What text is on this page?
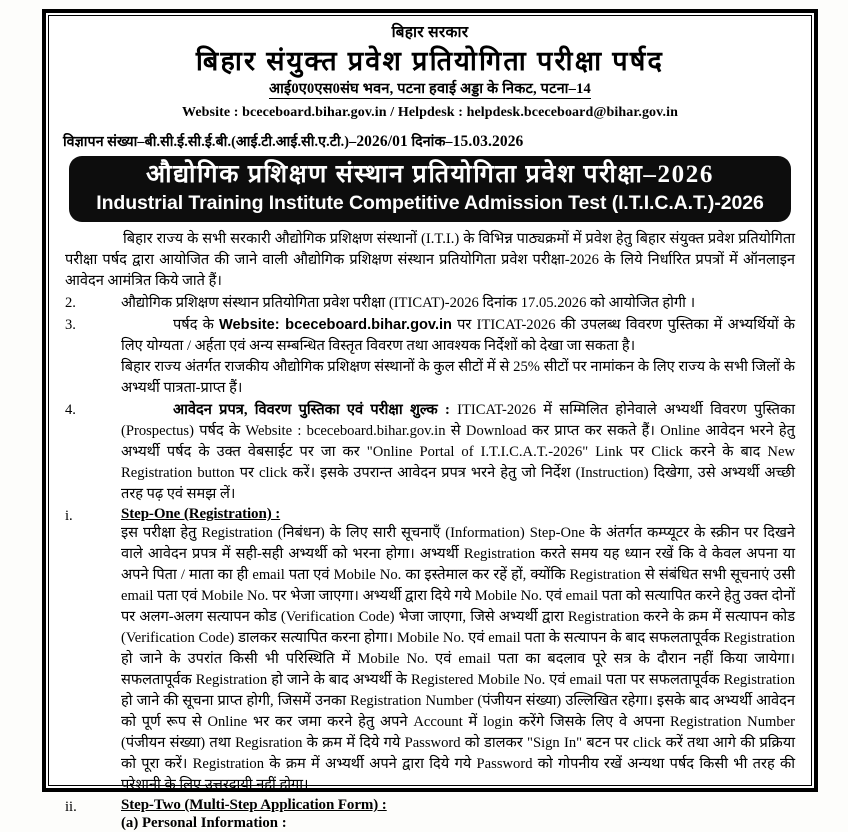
बिहार सरकार
बिहार संयुक्त प्रवेश प्रतियोगिता परीक्षा पर्षद
आई0ए0एस0संघ भवन, पटना हवाई अड्डा के निकट, पटना–14
Website : bceceboard.bihar.gov.in / Helpdesk : helpdesk.bceceboard@bihar.gov.in
विज्ञापन संख्या–बी.सी.ई.सी.ई.बी.(आई.टी.आई.सी.ए.टी.)–2026/01 दिनांक–15.03.2026
औद्योगिक प्रशिक्षण संस्थान प्रतियोगिता प्रवेश परीक्षा–2026
Industrial Training Institute Competitive Admission Test (I.T.I.C.A.T.)-2026

बिहार राज्य के सभी सरकारी औद्योगिक प्रशिक्षण संस्थानों (I.T.I.) के विभिन्न पाठ्यक्रमों में प्रवेश हेतु बिहार संयुक्त प्रवेश प्रतियोगिता परीक्षा पर्षद द्वारा आयोजित की जाने वाली औद्योगिक प्रशिक्षण संस्थान प्रतियोगिता प्रवेश परीक्षा-2026 के लिये निर्धारित प्रपत्रों में ऑनलाइन आवेदन आमंत्रित किये जाते हैं।

2.	औद्योगिक प्रशिक्षण संस्थान प्रतियोगिता प्रवेश परीक्षा (ITICAT)-2026 दिनांक 17.05.2026 को आयोजित होगी ।

3.	पर्षद के Website: bceceboard.bihar.gov.in पर ITICAT-2026 की उपलब्ध विवरण पुस्तिका में अभ्यर्थियों के लिए योग्यता / अर्हता एवं अन्य सम्बन्धित विस्तृत विवरण तथा आवश्यक निर्देशों को देखा जा सकता है।

बिहार राज्य अंतर्गत राजकीय औद्योगिक प्रशिक्षण संस्थानों के कुल सीटों में से 25% सीटों पर नामांकन के लिए राज्य के सभी जिलों के अभ्यर्थी पात्रता-प्राप्त हैं।

4.	आवेदन प्रपत्र, विवरण पुस्तिका एवं परीक्षा शुल्क : ITICAT-2026 में सम्मिलित होनेवाले अभ्यर्थी विवरण पुस्तिका (Prospectus) पर्षद के Website : bceceboard.bihar.gov.in से Download कर प्राप्त कर सकते हैं। Online आवेदन भरने हेतु अभ्यर्थी पर्षद के उक्त वेबसाईट पर जा कर "Online Portal of I.T.I.C.A.T.-2026" Link पर Click करने के बाद New Registration button पर click करें। इसके उपरान्त आवेदन प्रपत्र भरने हेतु जो निर्देश (Instruction) दिखेगा, उसे अभ्यर्थी अच्छी तरह पढ़ एवं समझ लें।

i.	Step-One (Registration) :

इस परीक्षा हेतु Registration (निबंधन) के लिए सारी सूचनाएँ (Information) Step-One के अंतर्गत कम्प्यूटर के स्क्रीन पर दिखने वाले आवेदन प्रपत्र में सही-सही अभ्यर्थी को भरना होगा। अभ्यर्थी Registration करते समय यह ध्यान रखें कि वे केवल अपना या अपने पिता / माता का ही email पता एवं Mobile No. का इस्तेमाल कर रहें हों, क्योंकि Registration से संबंधित सभी सूचनाएं उसी email पता एवं Mobile No. पर भेजा जाएगा। अभ्यर्थी द्वारा दिये गये Mobile No. एवं email पता को सत्यापित करने हेतु उक्त दोनों पर अलग-अलग सत्यापन कोड (Verification Code) भेजा जाएगा, जिसे अभ्यर्थी द्वारा Registration करने के क्रम में सत्यापन कोड (Verification Code) डालकर सत्यापित करना होगा। Mobile No. एवं email पता के सत्यापन के बाद सफलतापूर्वक Registration हो जाने के उपरांत किसी भी परिस्थिति में Mobile No. एवं email पता का बदलाव पूरे सत्र के दौरान नहीं किया जायेगा। सफलतापूर्वक Registration हो जाने के बाद अभ्यर्थी के Registered Mobile No. एवं email पता पर सफलतापूर्वक Registration हो जाने की सूचना प्राप्त होगी, जिसमें उनका Registration Number (पंजीयन संख्या) उल्लिखित रहेगा। इसके बाद अभ्यर्थी आवेदन को पूर्ण रूप से Online भर कर जमा करने हेतु अपने Account में login करेंगे जिसके लिए वे अपना Registration Number (पंजीयन संख्या) तथा Regisration के क्रम में दिये गये Password को डालकर "Sign In" बटन पर click करें तथा आगे की प्रक्रिया को पूरा करें। Registration के क्रम में अभ्यर्थी अपने द्वारा दिये गये Password को गोपनीय रखें अन्यथा पर्षद किसी भी तरह की परेशानी के लिए उत्तरदायी नहीं होगा।

ii.	Step-Two (Multi-Step Application Form) :
(a) Personal Information :
